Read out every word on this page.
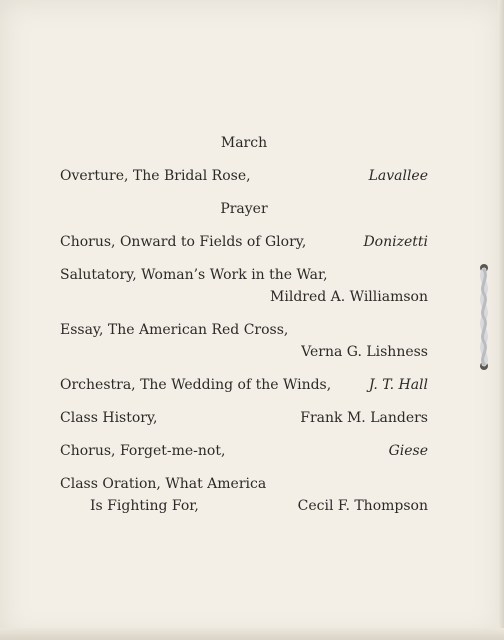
March
Overture, The Bridal Rose,	Lavallee
Prayer
Chorus, Onward to Fields of Glory,	Donizetti
Salutatory, Woman’s Work in the War,
Mildred A. Williamson
Essay, The American Red Cross,
Verna G. Lishness
Orchestra, The Wedding of the Winds,	J. T. Hall
Class History,	Frank M. Landers
Chorus, Forget-me-not,	Giese
Class Oration, What America
Is Fighting For,	Cecil F. Thompson
